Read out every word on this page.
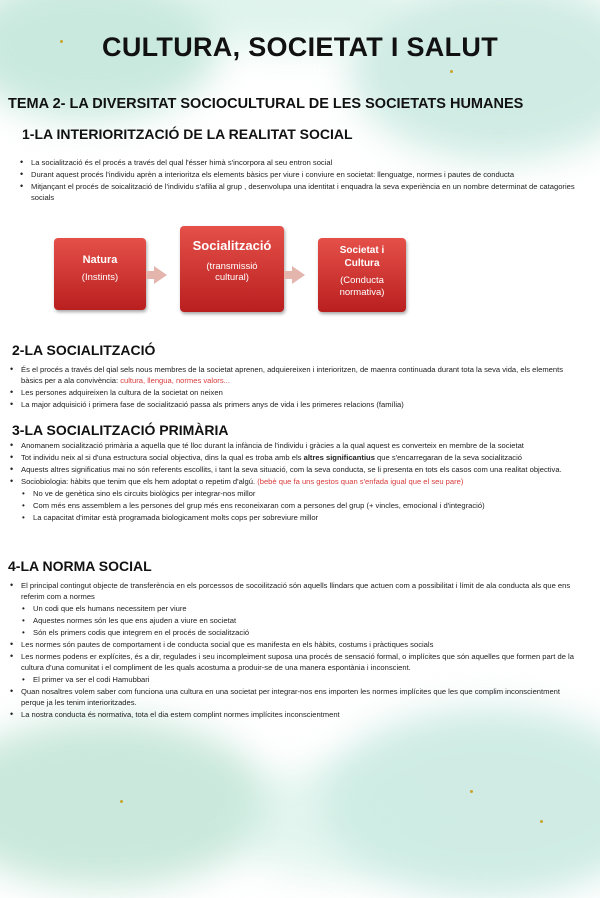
CULTURA, SOCIETAT I SALUT
TEMA 2- LA DIVERSITAT SOCIOCULTURAL DE LES SOCIETATS HUMANES
1-LA INTERIORITZACIÓ DE LA REALITAT SOCIAL
• La socialització és el procés a través del qual l'ésser himà s'incorpora al seu entron social
• Durant aquest procés l'individu aprèn a interioritza els elements bàsics per viure i conviure en societat: llenguatge, normes i pautes de conducta
• Mitjançant el procés de soicalització de l'individu s'afilia al grup , desenvolupa una identitat i enquadra la seva experiència en un nombre determinat de catagories socials
Natura
(Instints)
Socialització
(transmissió cultural)
Societat i Cultura
(Conducta normativa)
2-LA SOCIALITZACIÓ
• És el procés a través del qial sels nous membres de la societat aprenen, adquiereixen i interioritzen, de maenra continuada durant tota la seva vida, els elements bàsics per a ala convivència: cultura, llengua, normes valors...
• Les persones adquireixen la cultura de la societat on neixen
• La major adquisició i primera fase de socialització passa als primers anys de vida i les primeres relacions (família)
3-LA SOCIALITZACIÓ PRIMÀRIA
• Anomanem socialització primària a aquella que té lloc durant la infància de l'individu i gràcies a la qual aquest es converteix en membre de la societat
• Tot individu neix al si d'una estructura social objectiva, dins la qual es troba amb els altres significantius que s'encarregaran de la seva socialització
• Aquests altres significatius mai no són referents escollits, i tant la seva situació, com la seva conducta, se li presenta en tots els casos com una realitat objectiva.
• Sociobiologia: hàbits que tenim que els hem adoptat o repetim d'algú. (bebè que fa uns gestos quan s'enfada igual que el seu pare)
• No ve de genètica sino els circuits biològics per integrar-nos millor
• Com més ens assemblem a les persones del grup més ens reconeixaran com a persones del grup (+ vincles, emocional i d'integració)
• La capacitat d'imitar està programada biologicament molts cops per sobreviure millor
4-LA NORMA SOCIAL
• El principal contingut objecte de transferència en els porcessos de socoilització són aquells llindars que actuen com a possibilitat i límit de ala conducta als que ens referim com a normes
• Un codi que els humans necessitem per viure
• Aquestes normes són les que ens ajuden a viure en societat
• Són els primers codis que integrem en el procés de socialització
• Les normes són pautes de comportament i de conducta social que es manifesta en els hàbits, costums i pràctiques socials
• Les normes podens er explícites, és a dir, regulades i seu incompleiment suposa una procés de sensació formal, o implícites que són aquelles que formen part de la cultura d'una comunitat i el compliment de les quals acostuma a produir-se de una manera espontània i inconscient.
• El primer va ser el codi Hamubbari
• Quan nosaltres volem saber com funciona una cultura en una societat per integrar-nos ens importen les normes implícites que les que complim inconscientment perque ja les tenim interioritzades.
• La nostra conducta és normativa, tota el dia estem complint normes implícites inconscientment
